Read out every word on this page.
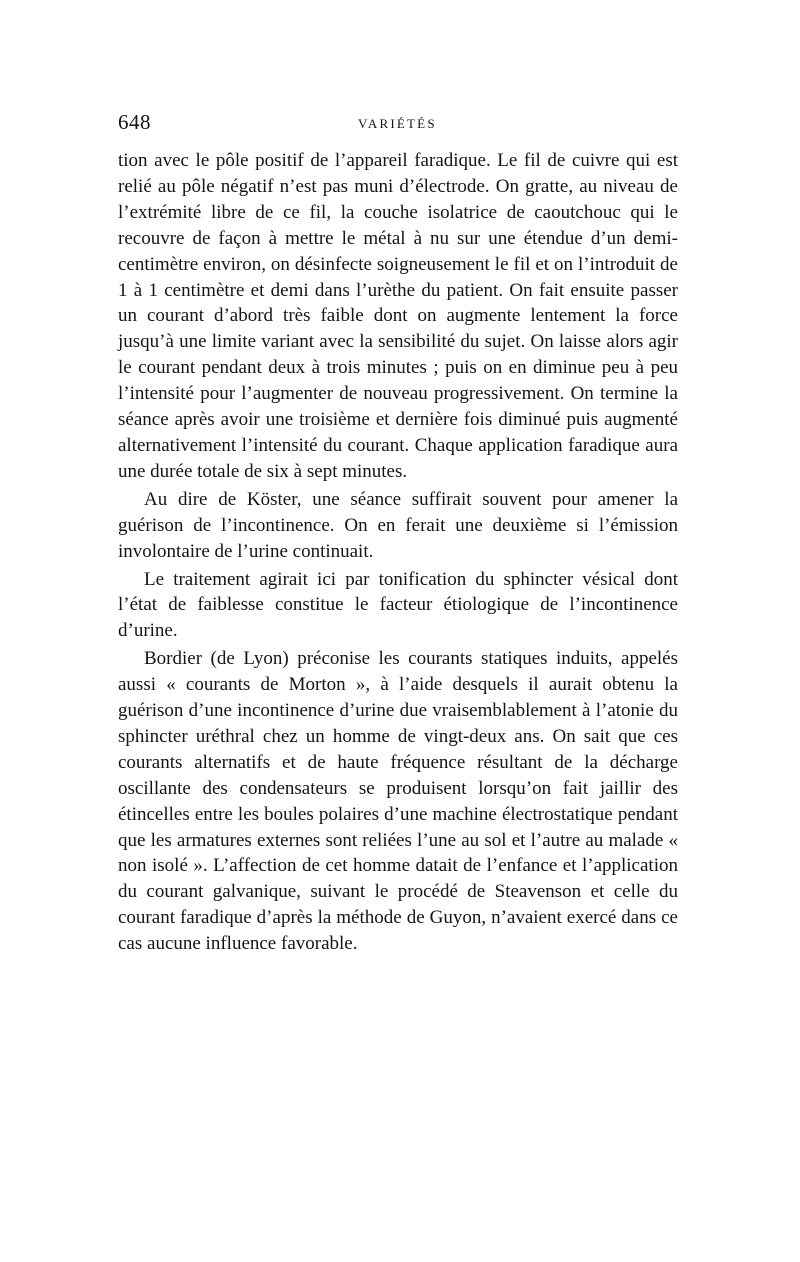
648	VARIÉTÉS

tion avec le pôle positif de l’appareil faradique. Le fil de cuivre qui est relié au pôle négatif n’est pas muni d’électrode. On gratte, au niveau de l’extrémité libre de ce fil, la couche isolatrice de caoutchouc qui le recouvre de façon à mettre le métal à nu sur une étendue d’un demi-centimètre environ, on désinfecte soigneusement le fil et on l’introduit de 1 à 1 centimètre et demi dans l’urèthe du patient. On fait ensuite passer un courant d’abord très faible dont on augmente lentement la force jusqu’à une limite variant avec la sensibilité du sujet. On laisse alors agir le courant pendant deux à trois minutes ; puis on en diminue peu à peu l’intensité pour l’augmenter de nouveau progressivement. On termine la séance après avoir une troisième et dernière fois diminué puis augmenté alternativement l’intensité du courant. Chaque application faradique aura une durée totale de six à sept minutes.

Au dire de Köster, une séance suffirait souvent pour amener la guérison de l’incontinence. On en ferait une deuxième si l’émission involontaire de l’urine continuait.

Le traitement agirait ici par tonification du sphincter vésical dont l’état de faiblesse constitue le facteur étiologique de l’incontinence d’urine.

Bordier (de Lyon) préconise les courants statiques induits, appelés aussi « courants de Morton », à l’aide desquels il aurait obtenu la guérison d’une incontinence d’urine due vraisemblablement à l’atonie du sphincter uréthral chez un homme de vingt-deux ans. On sait que ces courants alternatifs et de haute fréquence résultant de la décharge oscillante des condensateurs se produisent lorsqu’on fait jaillir des étincelles entre les boules polaires d’une machine électrostatique pendant que les armatures externes sont reliées l’une au sol et l’autre au malade « non isolé ». L’affection de cet homme datait de l’enfance et l’application du courant galvanique, suivant le procédé de Steavenson et celle du courant faradique d’après la méthode de Guyon, n’avaient exercé dans ce cas aucune influence favorable.
